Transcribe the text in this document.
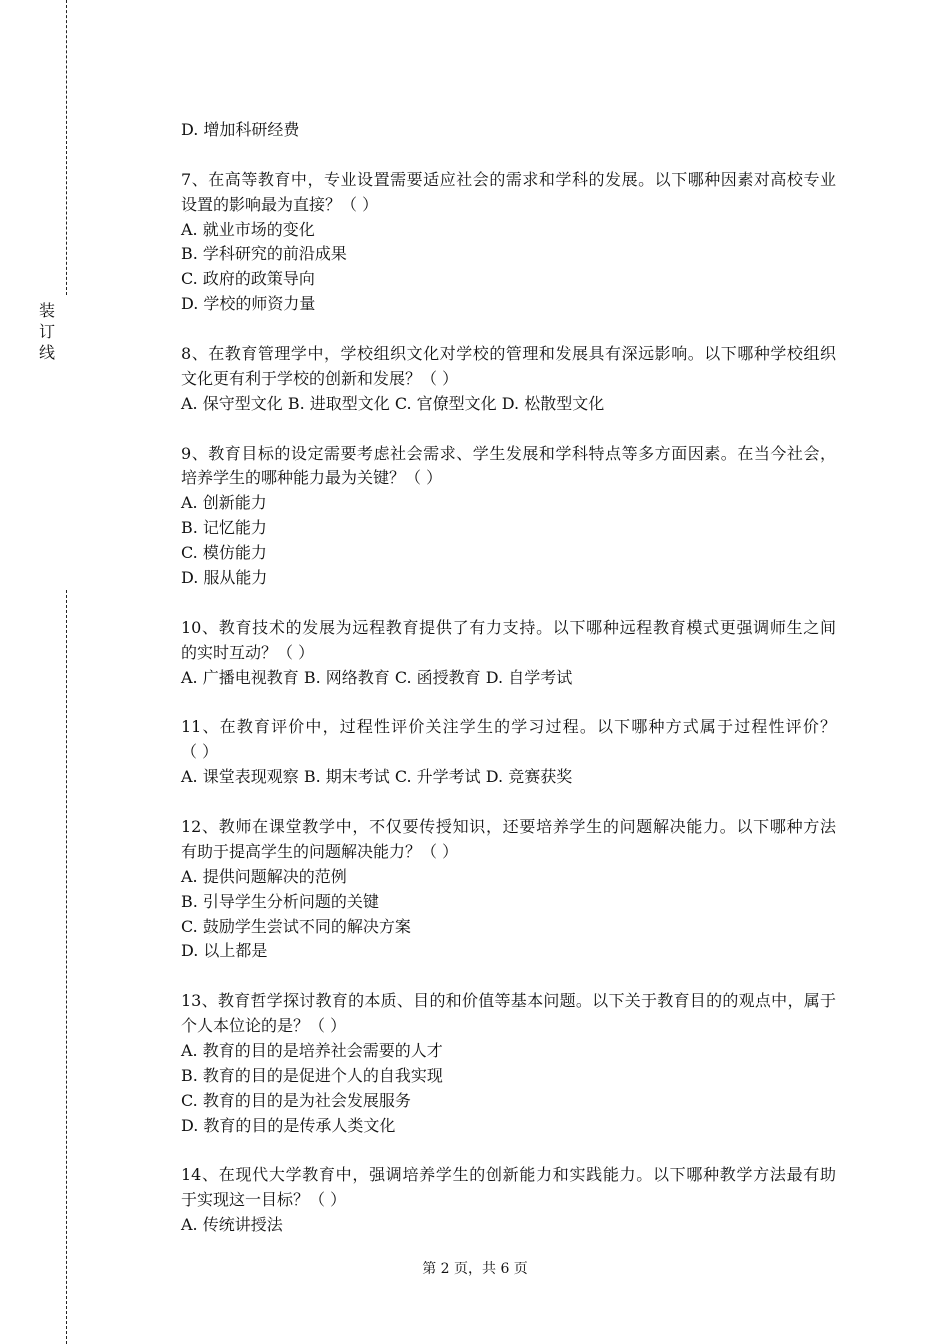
装
订
线
D. 增加科研经费
7、在高等教育中，专业设置需要适应社会的需求和学科的发展。以下哪种因素对高校专业
设置的影响最为直接？（ ）
A. 就业市场的变化
B. 学科研究的前沿成果
C. 政府的政策导向
D. 学校的师资力量
8、在教育管理学中，学校组织文化对学校的管理和发展具有深远影响。以下哪种学校组织
文化更有利于学校的创新和发展？（ ）
A. 保守型文化 B. 进取型文化 C. 官僚型文化 D. 松散型文化
9、教育目标的设定需要考虑社会需求、学生发展和学科特点等多方面因素。在当今社会，
培养学生的哪种能力最为关键？（ ）
A. 创新能力
B. 记忆能力
C. 模仿能力
D. 服从能力
10、教育技术的发展为远程教育提供了有力支持。以下哪种远程教育模式更强调师生之间
的实时互动？（ ）
A. 广播电视教育 B. 网络教育 C. 函授教育 D. 自学考试
11、在教育评价中，过程性评价关注学生的学习过程。以下哪种方式属于过程性评价？
（ ）
A. 课堂表现观察 B. 期末考试 C. 升学考试 D. 竞赛获奖
12、教师在课堂教学中，不仅要传授知识，还要培养学生的问题解决能力。以下哪种方法
有助于提高学生的问题解决能力？（ ）
A. 提供问题解决的范例
B. 引导学生分析问题的关键
C. 鼓励学生尝试不同的解决方案
D. 以上都是
13、教育哲学探讨教育的本质、目的和价值等基本问题。以下关于教育目的的观点中，属于
个人本位论的是？（ ）
A. 教育的目的是培养社会需要的人才
B. 教育的目的是促进个人的自我实现
C. 教育的目的是为社会发展服务
D. 教育的目的是传承人类文化
14、在现代大学教育中，强调培养学生的创新能力和实践能力。以下哪种教学方法最有助
于实现这一目标？（ ）
A. 传统讲授法
第 2 页，共 6 页
